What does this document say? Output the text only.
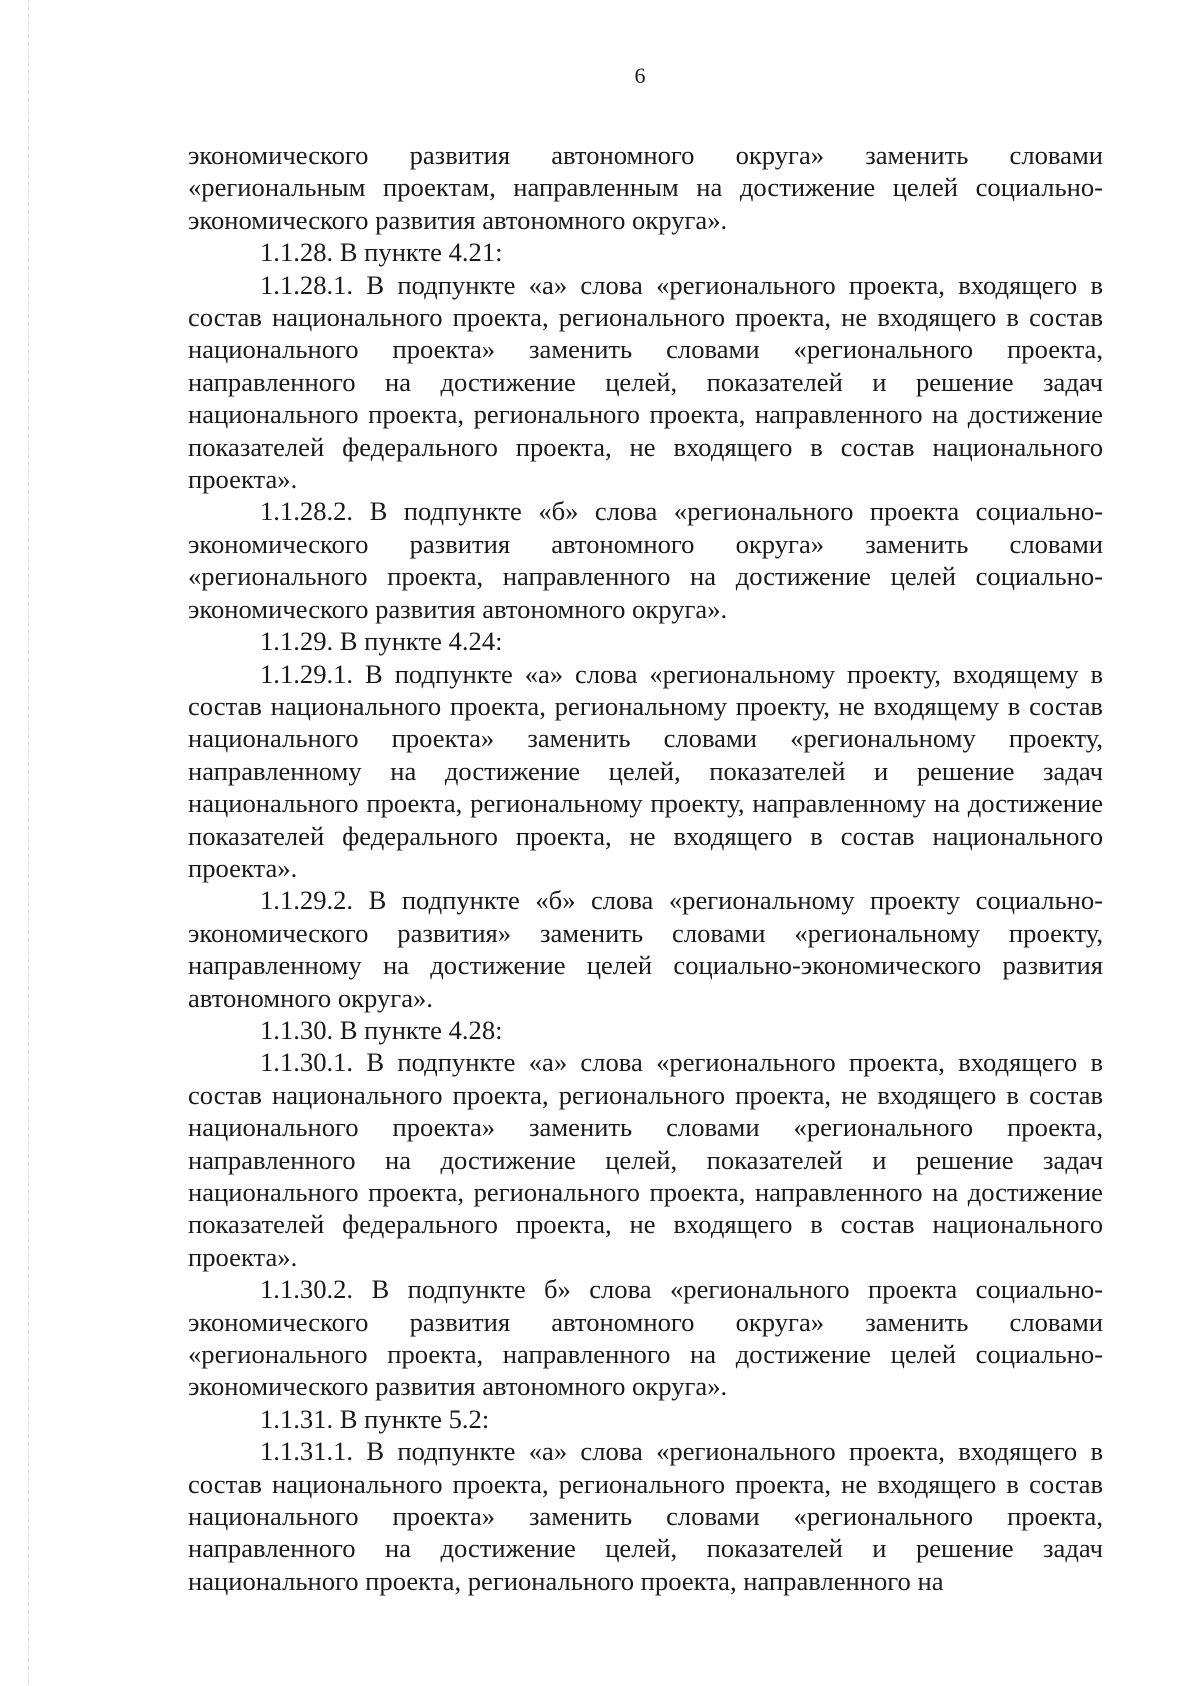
6

экономического развития автономного округа» заменить словами «региональным проектам, направленным на достижение целей социально-экономического развития автономного округа».

1.1.28. В пункте 4.21:

1.1.28.1. В подпункте «а» слова «регионального проекта, входящего в состав национального проекта, регионального проекта, не входящего в состав национального проекта» заменить словами «регионального проекта, направленного на достижение целей, показателей и решение задач национального проекта, регионального проекта, направленного на достижение показателей федерального проекта, не входящего в состав национального проекта».

1.1.28.2. В подпункте «б» слова «регионального проекта социально-экономического развития автономного округа» заменить словами «регионального проекта, направленного на достижение целей социально-экономического развития автономного округа».

1.1.29. В пункте 4.24:

1.1.29.1. В подпункте «а» слова «региональному проекту, входящему в состав национального проекта, региональному проекту, не входящему в состав национального проекта» заменить словами «региональному проекту, направленному на достижение целей, показателей и решение задач национального проекта, региональному проекту, направленному на достижение показателей федерального проекта, не входящего в состав национального проекта».

1.1.29.2. В подпункте «б» слова «региональному проекту социально-экономического развития» заменить словами «региональному проекту, направленному на достижение целей социально-экономического развития автономного округа».

1.1.30. В пункте 4.28:

1.1.30.1. В подпункте «а» слова «регионального проекта, входящего в состав национального проекта, регионального проекта, не входящего в состав национального проекта» заменить словами «регионального проекта, направленного на достижение целей, показателей и решение задач национального проекта, регионального проекта, направленного на достижение показателей федерального проекта, не входящего в состав национального проекта».

1.1.30.2. В подпункте б» слова «регионального проекта социально-экономического развития автономного округа» заменить словами «регионального проекта, направленного на достижение целей социально-экономического развития автономного округа».

1.1.31. В пункте 5.2:

1.1.31.1. В подпункте «а» слова «регионального проекта, входящего в состав национального проекта, регионального проекта, не входящего в состав национального проекта» заменить словами «регионального проекта, направленного на достижение целей, показателей и решение задач национального проекта, регионального проекта, направленного на
